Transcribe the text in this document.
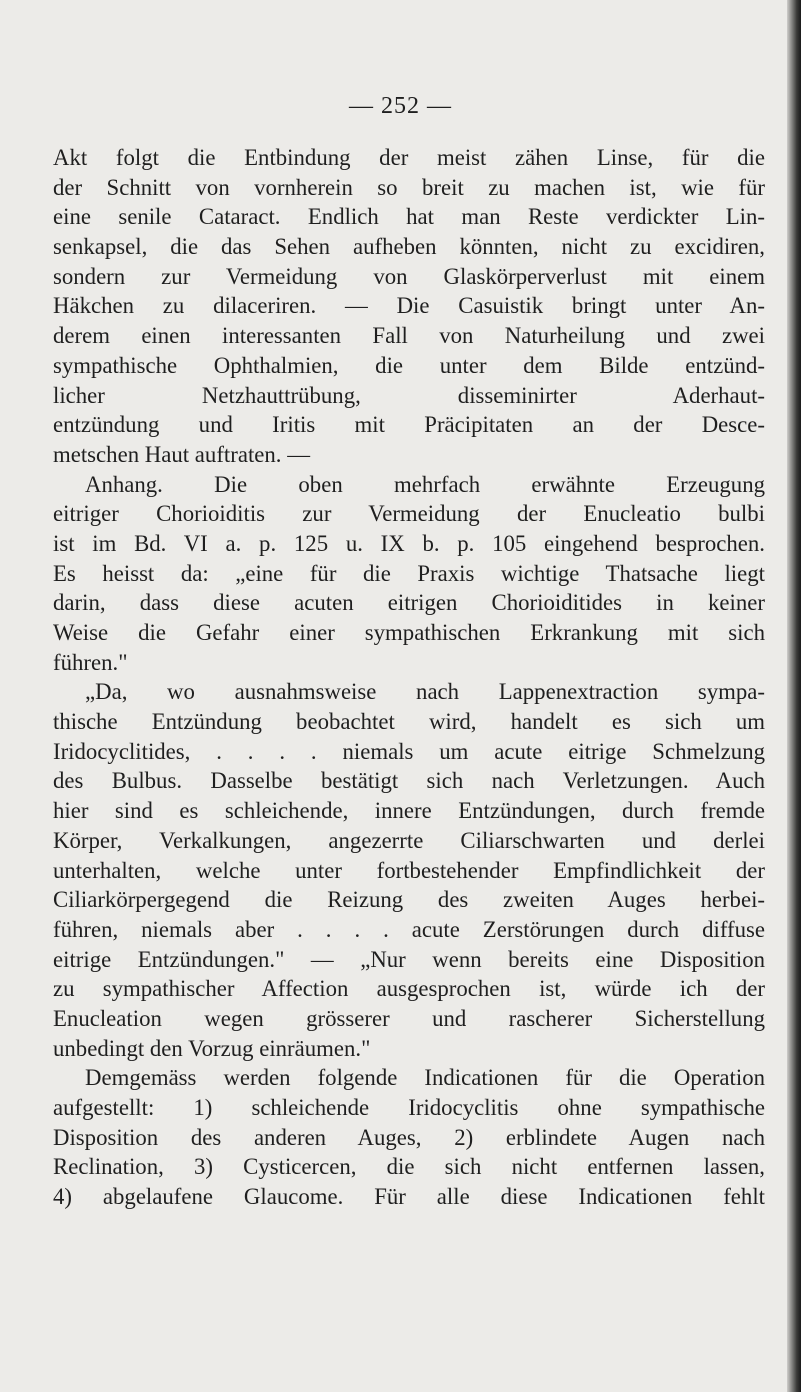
— 252 —
Akt folgt die Entbindung der meist zähen Linse, für die
der Schnitt von vornherein so breit zu machen ist, wie für
eine senile Cataract. Endlich hat man Reste verdickter Lin-
senkapsel, die das Sehen aufheben könnten, nicht zu excidiren,
sondern zur Vermeidung von Glaskörperverlust mit einem
Häkchen zu dilaceriren. — Die Casuistik bringt unter An-
derem einen interessanten Fall von Naturheilung und zwei
sympathische Ophthalmien, die unter dem Bilde entzünd-
licher Netzhauttrübung, disseminirter Aderhaut-
entzündung und Iritis mit Präcipitaten an der Desce-
metschen Haut auftraten. —
Anhang. Die oben mehrfach erwähnte Erzeugung
eitriger Chorioiditis zur Vermeidung der Enucleatio bulbi
ist im Bd. VI a. p. 125 u. IX b. p. 105 eingehend besprochen.
Es heisst da: „eine für die Praxis wichtige Thatsache liegt
darin, dass diese acuten eitrigen Chorioiditides in keiner
Weise die Gefahr einer sympathischen Erkrankung mit sich
führen."
„Da, wo ausnahmsweise nach Lappenextraction sympa-
thische Entzündung beobachtet wird, handelt es sich um
Iridocyclitides, . . . . niemals um acute eitrige Schmelzung
des Bulbus. Dasselbe bestätigt sich nach Verletzungen. Auch
hier sind es schleichende, innere Entzündungen, durch fremde
Körper, Verkalkungen, angezerrte Ciliarschwarten und derlei
unterhalten, welche unter fortbestehender Empfindlichkeit der
Ciliarkörpergegend die Reizung des zweiten Auges herbei-
führen, niemals aber . . . . acute Zerstörungen durch diffuse
eitrige Entzündungen." — „Nur wenn bereits eine Disposition
zu sympathischer Affection ausgesprochen ist, würde ich der
Enucleation wegen grösserer und rascherer Sicherstellung
unbedingt den Vorzug einräumen."
Demgemäss werden folgende Indicationen für die Operation
aufgestellt: 1) schleichende Iridocyclitis ohne sympathische
Disposition des anderen Auges, 2) erblindete Augen nach
Reclination, 3) Cysticercen, die sich nicht entfernen lassen,
4) abgelaufene Glaucome. Für alle diese Indicationen fehlt
